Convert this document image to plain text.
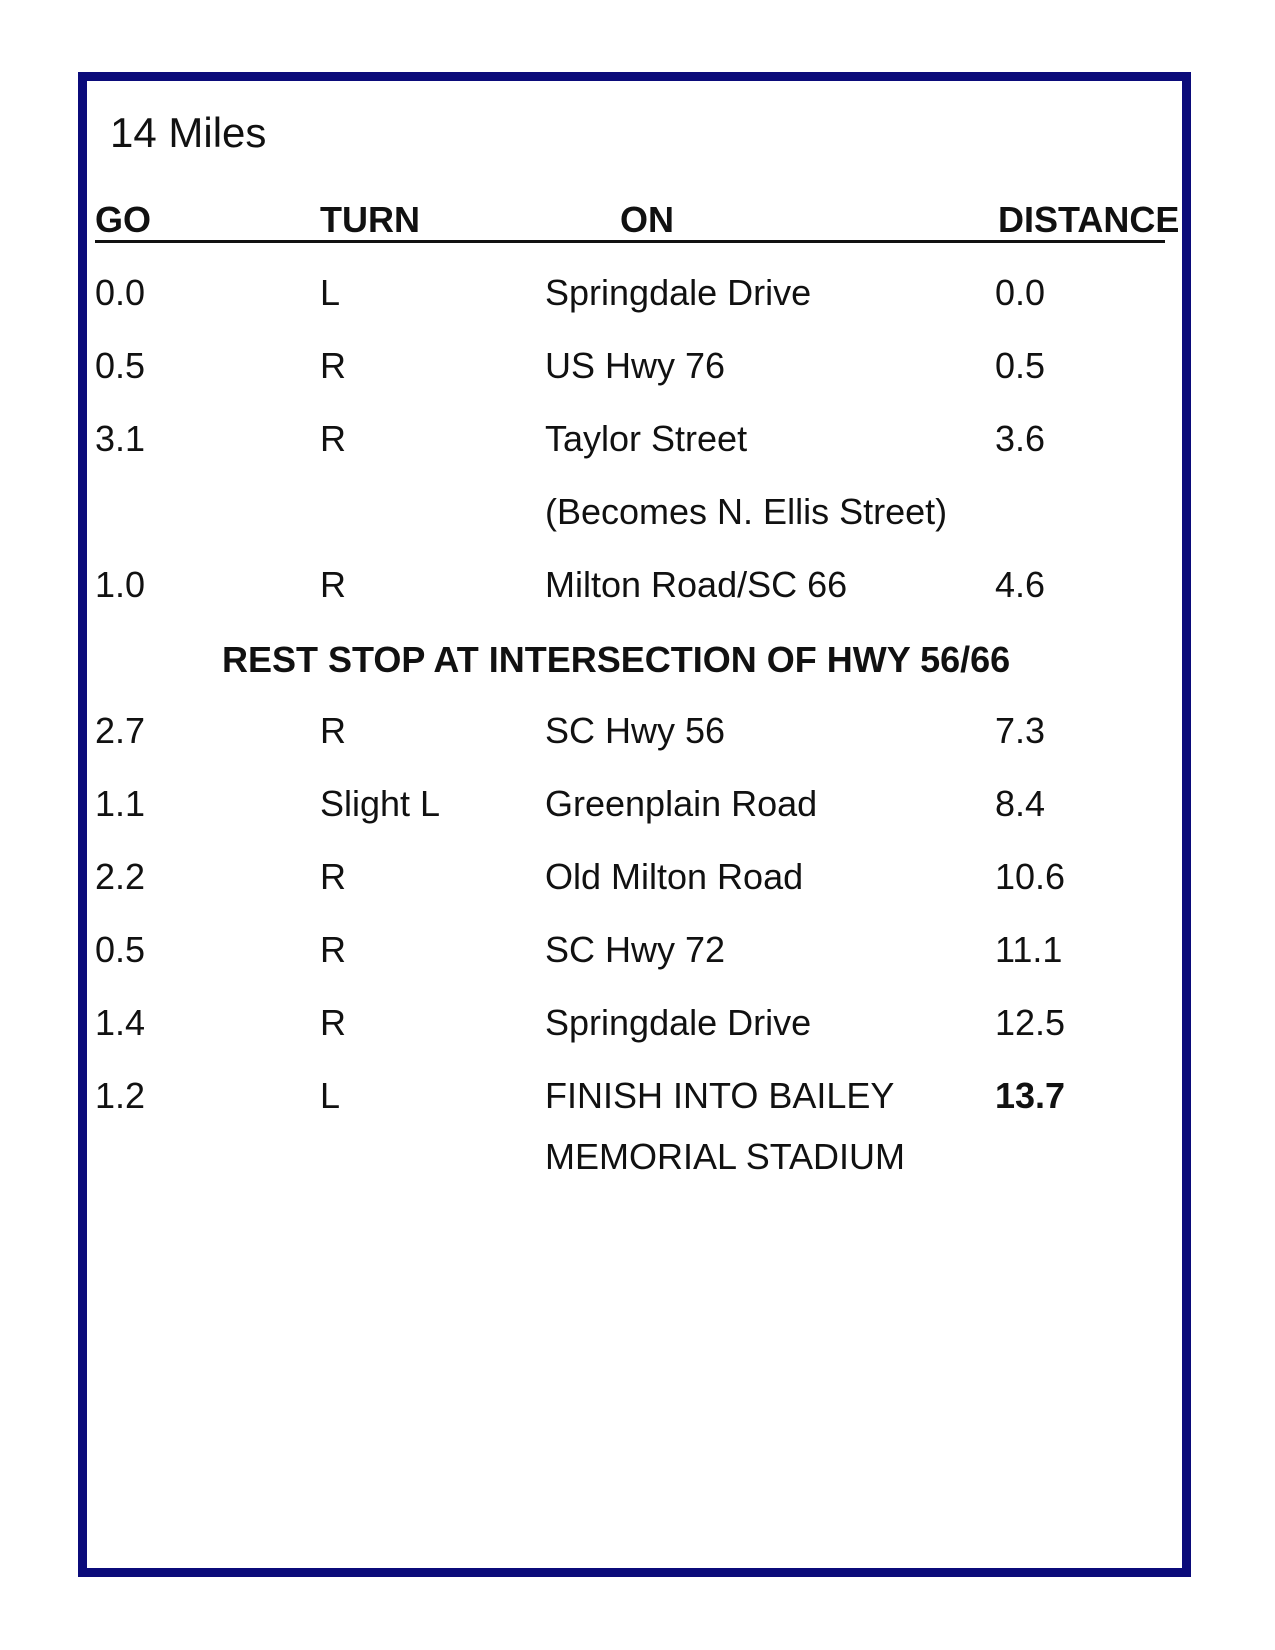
14 Miles
GO	TURN	ON	DISTANCE
0.0	L	Springdale Drive	0.0
0.5	R	US Hwy 76	0.5
3.1	R	Taylor Street	3.6
(Becomes N. Ellis Street)
1.0	R	Milton Road/SC 66	4.6
REST STOP AT INTERSECTION OF HWY 56/66
2.7	R	SC Hwy 56	7.3
1.1	Slight L	Greenplain Road	8.4
2.2	R	Old Milton Road	10.6
0.5	R	SC Hwy 72	11.1
1.4	R	Springdale Drive	12.5
1.2	L	FINISH INTO BAILEY	13.7
MEMORIAL STADIUM
